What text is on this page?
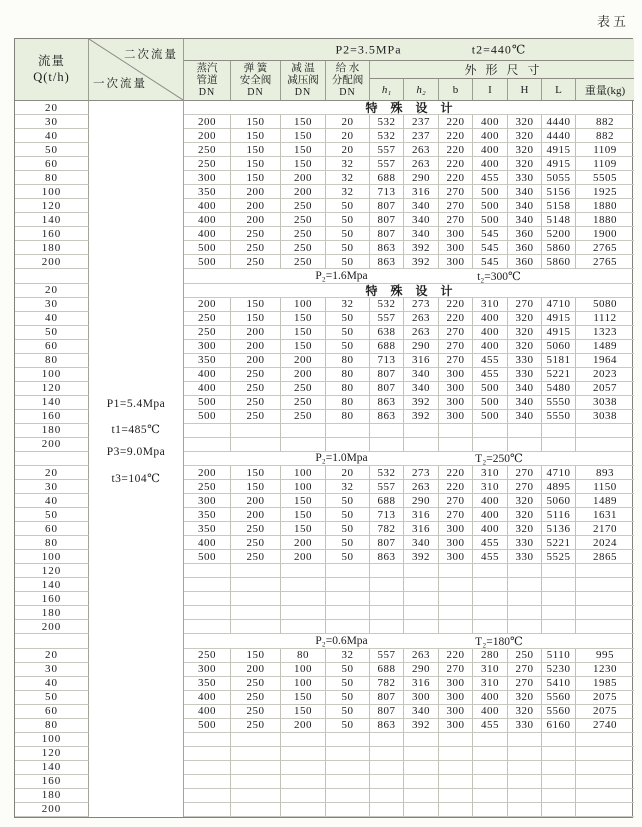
表五
流量
Q(t/h)
二次流量
一次流量
P2=3.5MPa	t2=440℃
蒸汽
管道
DN
弹 簧
安全阀
DN
减 温
减压阀
DN
给 水
分配阀
DN
外形尺寸
h₁	h₂	b	I	H	L	重量(kg)
P1=5.4Mpa
t1=485℃
P3=9.0Mpa
t3=104℃
20	特殊设计
30	200	150	150	20	532	237	220	400	320	4440	882
40	200	150	150	20	532	237	220	400	320	4440	882
50	250	150	150	20	557	263	220	400	320	4915	1109
60	250	150	150	32	557	263	220	400	320	4915	1109
80	300	150	200	32	688	290	220	455	330	5055	5505
100	350	200	200	32	713	316	270	500	340	5156	1925
120	400	200	250	50	807	340	270	500	340	5158	1880
140	400	200	250	50	807	340	270	500	340	5148	1880
160	400	250	250	50	807	340	300	545	360	5200	1900
180	500	250	250	50	863	392	300	545	360	5860	2765
200	500	250	250	50	863	392	300	545	360	5860	2765
P₂=1.6Mpa	t₂=300℃
20	特殊设计
30	200	150	100	32	532	273	220	310	270	4710	5080
40	250	150	150	50	557	263	220	400	320	4915	1112
50	250	200	150	50	638	263	270	400	320	4915	1323
60	300	200	150	50	688	290	270	400	320	5060	1489
80	350	200	200	80	713	316	270	455	330	5181	1964
100	400	250	200	80	807	340	300	455	330	5221	2023
120	400	250	250	80	807	340	300	500	340	5480	2057
140	500	250	250	80	863	392	300	500	340	5550	3038
160	500	250	250	80	863	392	300	500	340	5550	3038
180
200
P₂=1.0Mpa	T₂=250℃
20	200	150	100	20	532	273	220	310	270	4710	893
30	250	150	100	32	557	263	220	310	270	4895	1150
40	300	200	150	50	688	290	270	400	320	5060	1489
50	350	200	150	50	713	316	270	400	320	5116	1631
60	350	250	150	50	782	316	300	400	320	5136	2170
80	400	250	200	50	807	340	300	455	330	5221	2024
100	500	250	200	50	863	392	300	455	330	5525	2865
120
140
160
180
200
P₂=0.6Mpa	T₂=180℃
20	250	150	80	32	557	263	220	280	250	5110	995
30	300	200	100	50	688	290	270	310	270	5230	1230
40	350	250	100	50	782	316	300	310	270	5410	1985
50	400	250	150	50	807	300	300	400	320	5560	2075
60	400	250	150	50	807	340	300	400	320	5560	2075
80	500	250	200	50	863	392	300	455	330	6160	2740
100
120
140
160
180
200
